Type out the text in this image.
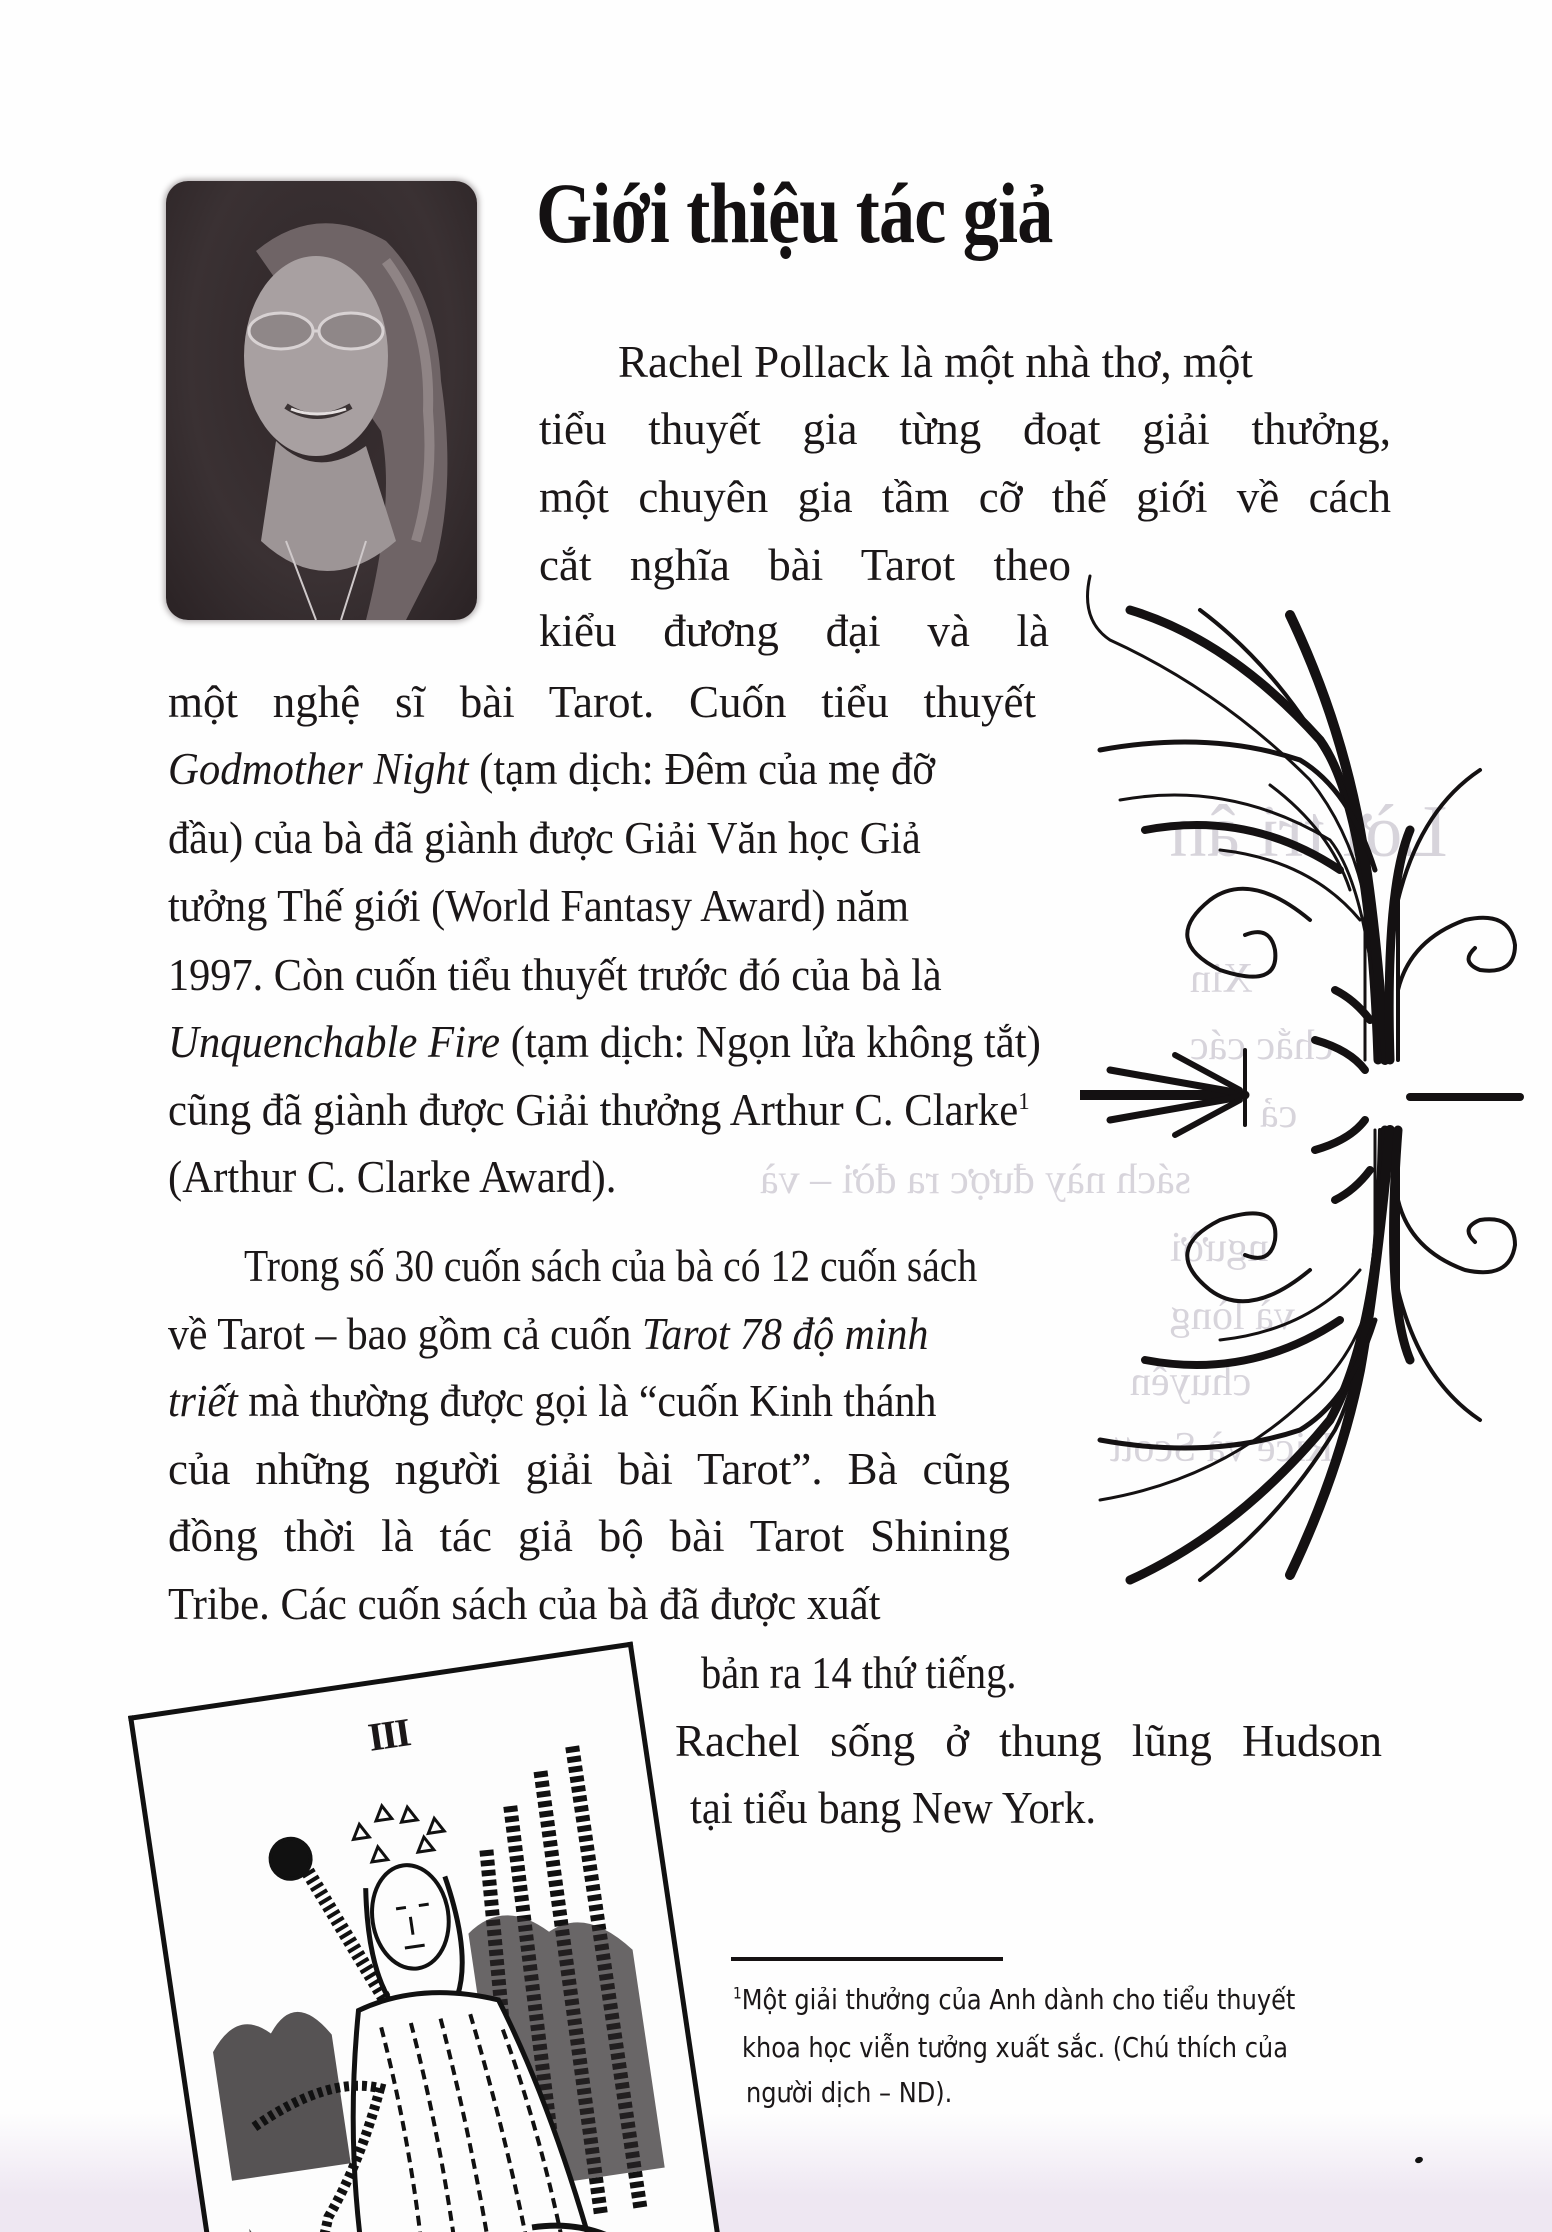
Lời tri ân
Xin
chắc các
cả
sách này được ra đời – và
người
và lòng
chuyên
Rice và Scott
Giới thiệu tác giả
Rachel Pollack là một nhà thơ, một
tiểu thuyết gia từng đoạt giải thưởng,
một chuyên gia tầm cỡ thế giới về cách
cắt nghĩa bài Tarot theo
kiểu đương đại và là
một nghệ sĩ bài Tarot. Cuốn tiểu thuyết
Godmother Night (tạm dịch: Đêm của mẹ đỡ
đầu) của bà đã giành được Giải Văn học Giả
tưởng Thế giới (World Fantasy Award) năm
1997. Còn cuốn tiểu thuyết trước đó của bà là
Unquenchable Fire (tạm dịch: Ngọn lửa không tắt)
cũng đã giành được Giải thưởng Arthur C. Clarke$^1$
(Arthur C. Clarke Award).
Trong số 30 cuốn sách của bà có 12 cuốn sách
về Tarot – bao gồm cả cuốn Tarot 78 độ minh
triết mà thường được gọi là “cuốn Kinh thánh
của những người giải bài Tarot”. Bà cũng
đồng thời là tác giả bộ bài Tarot Shining
Tribe. Các cuốn sách của bà đã được xuất
bản ra 14 thứ tiếng.
Rachel sống ở thung lũng Hudson
tại tiểu bang New York.
III
$^1$Một giải thưởng của Anh dành cho tiểu thuyết
khoa học viễn tưởng xuất sắc. (Chú thích của
người dịch – ND).
